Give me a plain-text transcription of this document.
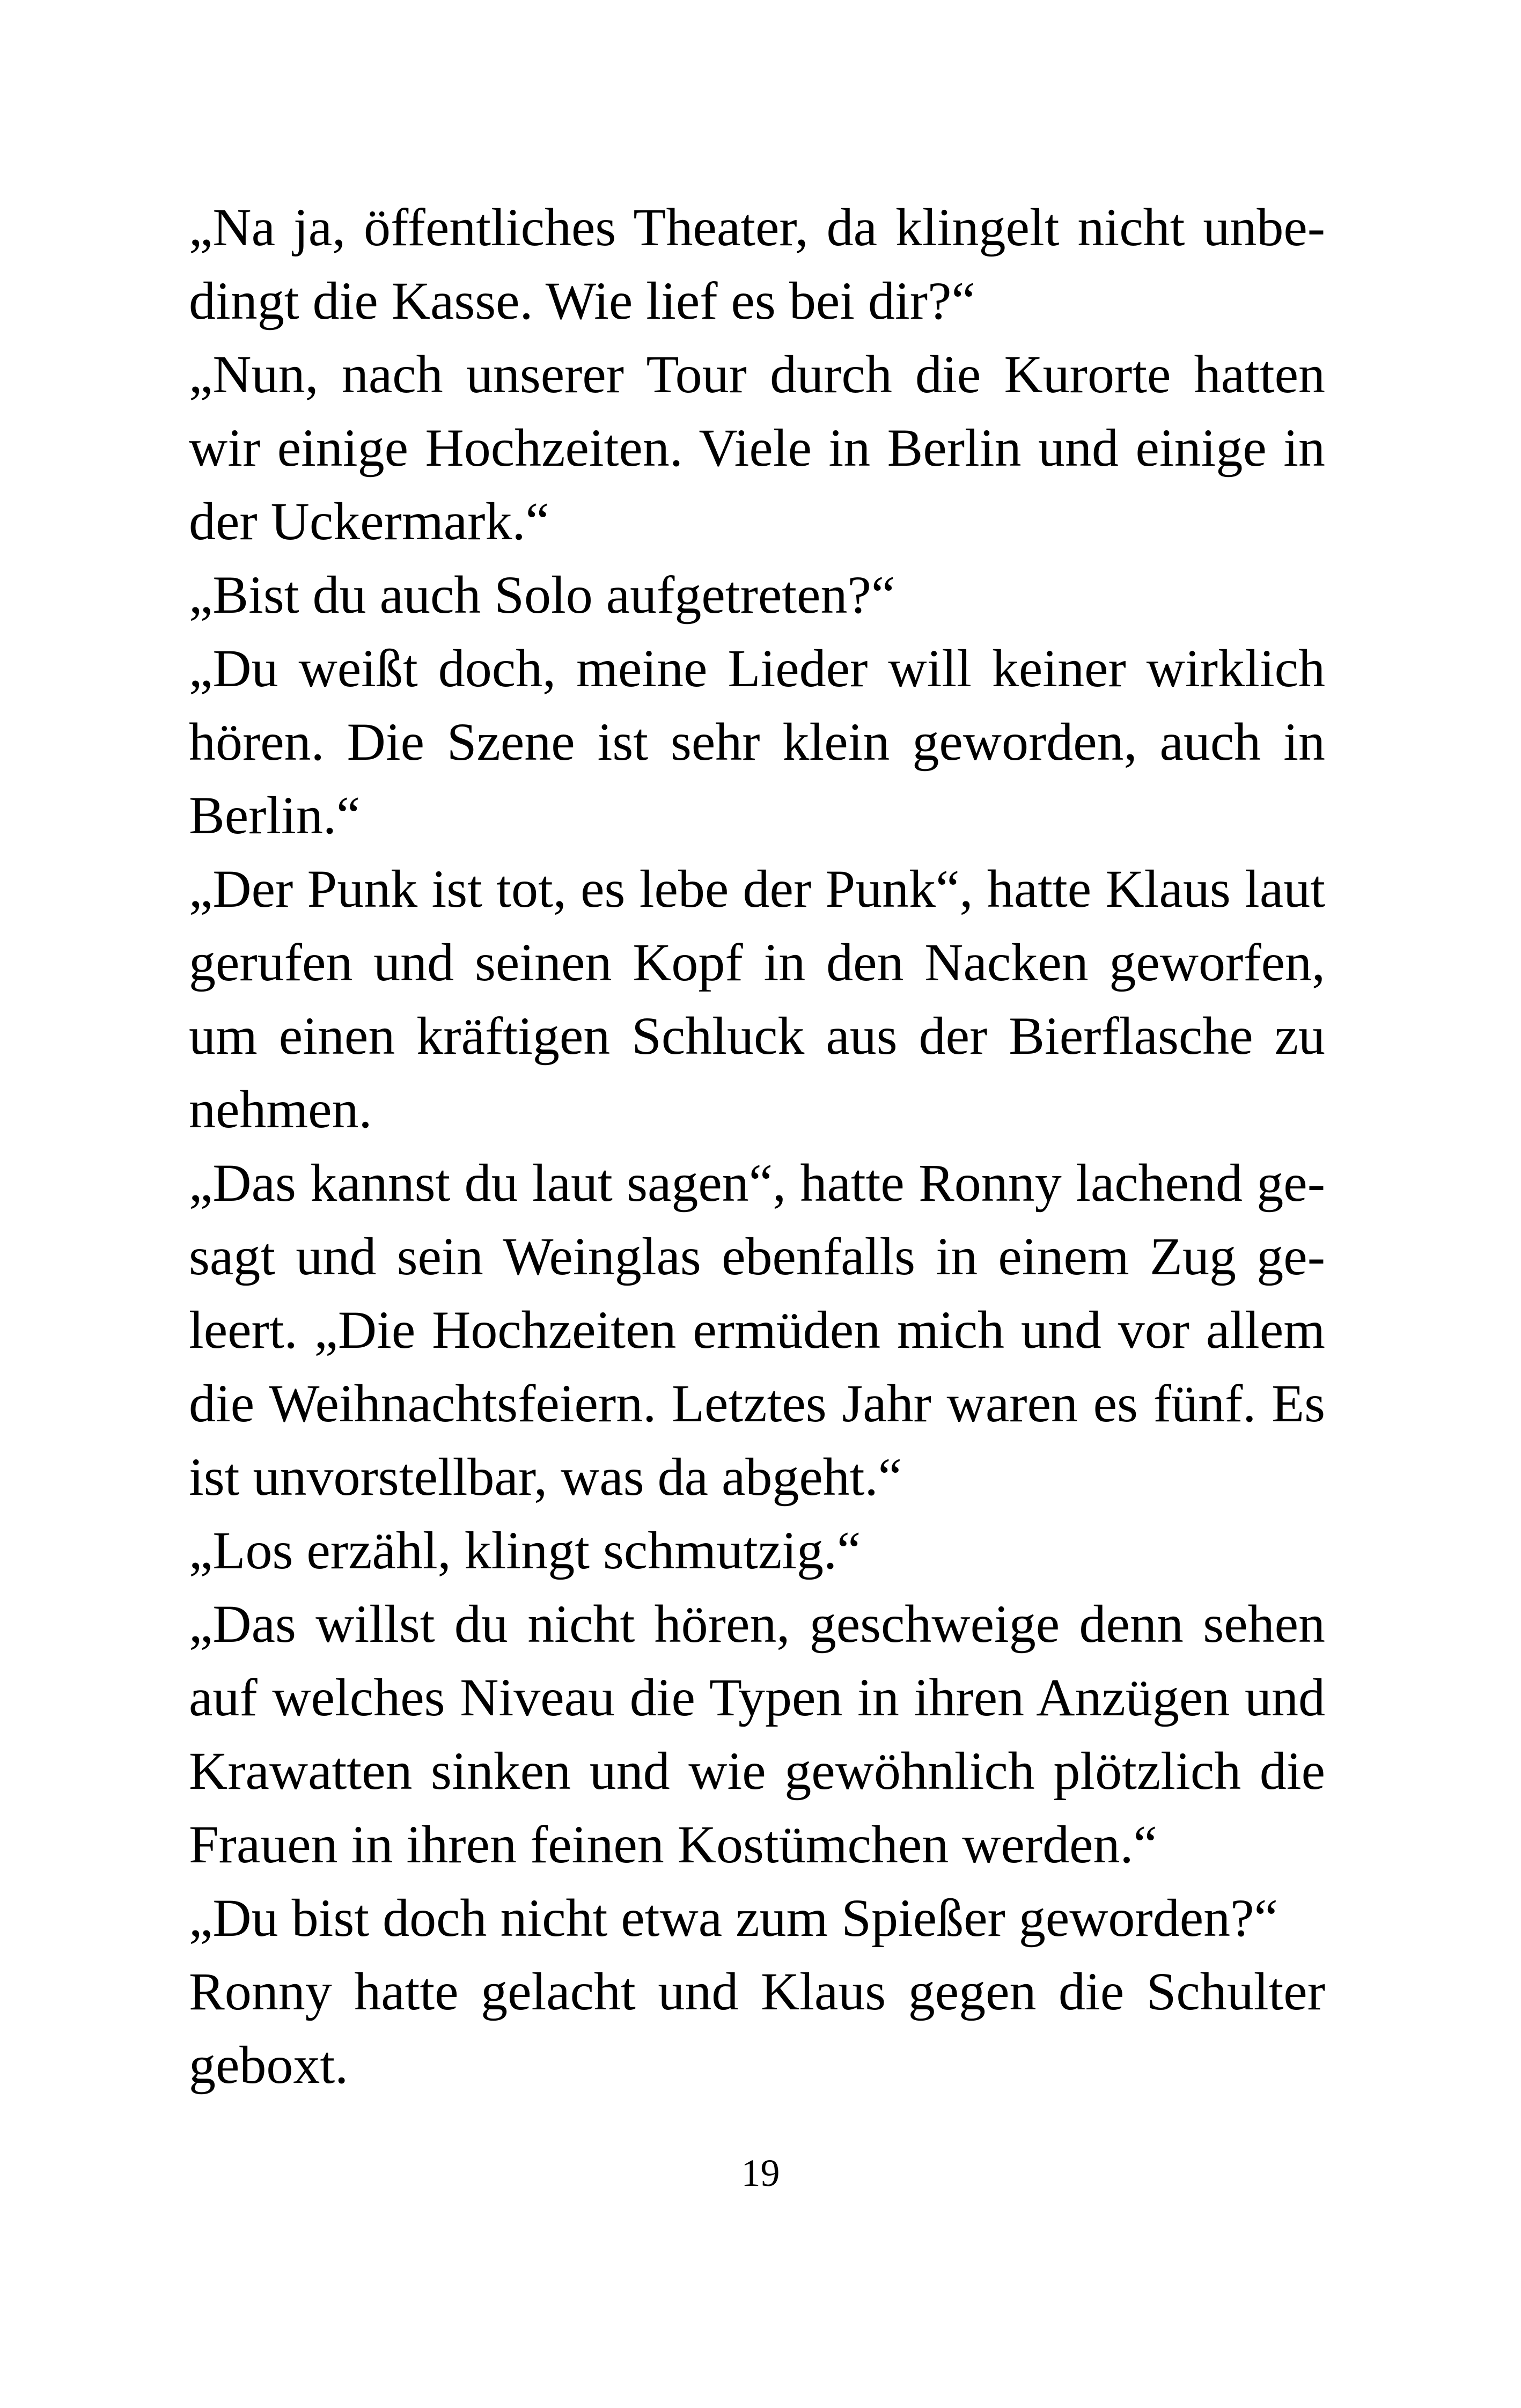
„Na ja, öffentliches Theater, da klingelt nicht unbe-
dingt die Kasse. Wie lief es bei dir?“
„Nun, nach unserer Tour durch die Kurorte hatten
wir einige Hochzeiten. Viele in Berlin und einige in
der Uckermark.“
„Bist du auch Solo aufgetreten?“
„Du weißt doch, meine Lieder will keiner wirklich
hören. Die Szene ist sehr klein geworden, auch in
Berlin.“
„Der Punk ist tot, es lebe der Punk“, hatte Klaus laut
gerufen und seinen Kopf in den Nacken geworfen,
um einen kräftigen Schluck aus der Bierflasche zu
nehmen.
„Das kannst du laut sagen“, hatte Ronny lachend ge-
sagt und sein Weinglas ebenfalls in einem Zug ge-
leert. „Die Hochzeiten ermüden mich und vor allem
die Weihnachtsfeiern. Letztes Jahr waren es fünf. Es
ist unvorstellbar, was da abgeht.“
„Los erzähl, klingt schmutzig.“
„Das willst du nicht hören, geschweige denn sehen
auf welches Niveau die Typen in ihren Anzügen und
Krawatten sinken und wie gewöhnlich plötzlich die
Frauen in ihren feinen Kostümchen werden.“
„Du bist doch nicht etwa zum Spießer geworden?“
Ronny hatte gelacht und Klaus gegen die Schulter
geboxt.
19
